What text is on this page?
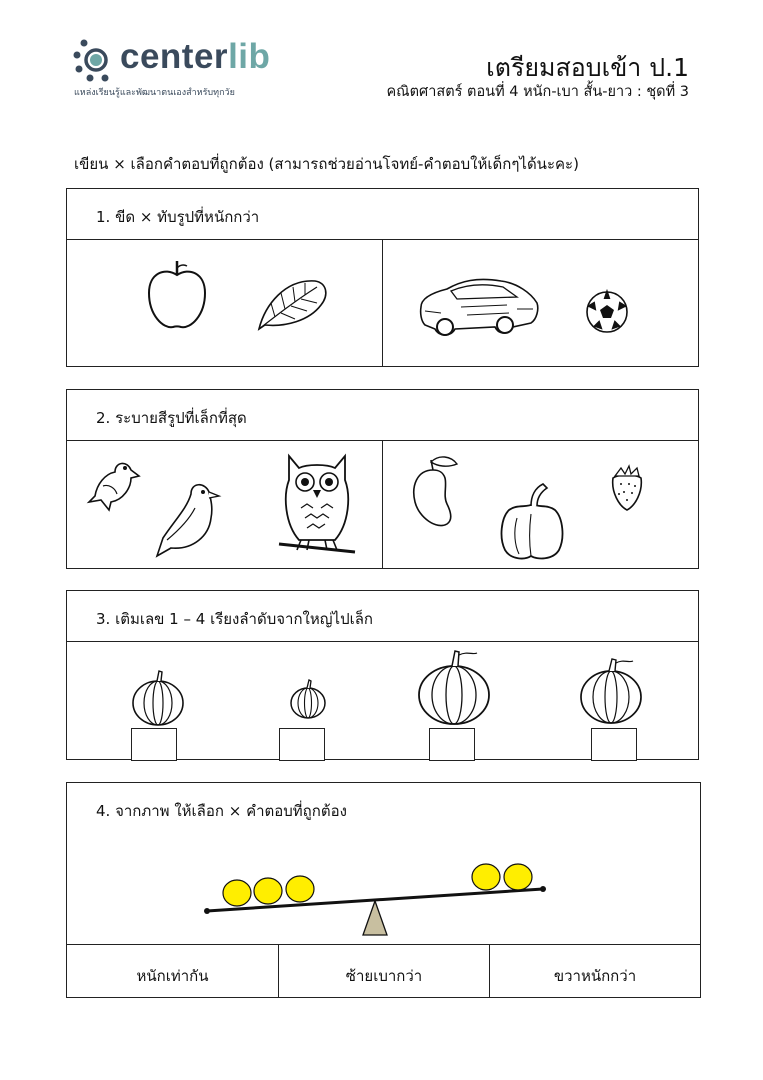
centerlib
แหล่งเรียนรู้และพัฒนาตนเองสำหรับทุกวัย
เตรียมสอบเข้า ป.1
คณิตศาสตร์ ตอนที่ 4 หนัก-เบา สั้น-ยาว : ชุดที่ 3
เขียน × เลือกคำตอบที่ถูกต้อง (สามารถช่วยอ่านโจทย์-คำตอบให้เด็กๆได้นะคะ)
1. ขีด × ทับรูปที่หนักกว่า
2. ระบายสีรูปที่เล็กที่สุด
3. เติมเลข 1 – 4 เรียงลำดับจากใหญ่ไปเล็ก
4. จากภาพ ให้เลือก × คำตอบที่ถูกต้อง
หนักเท่ากัน	ซ้ายเบากว่า	ขวาหนักกว่า
